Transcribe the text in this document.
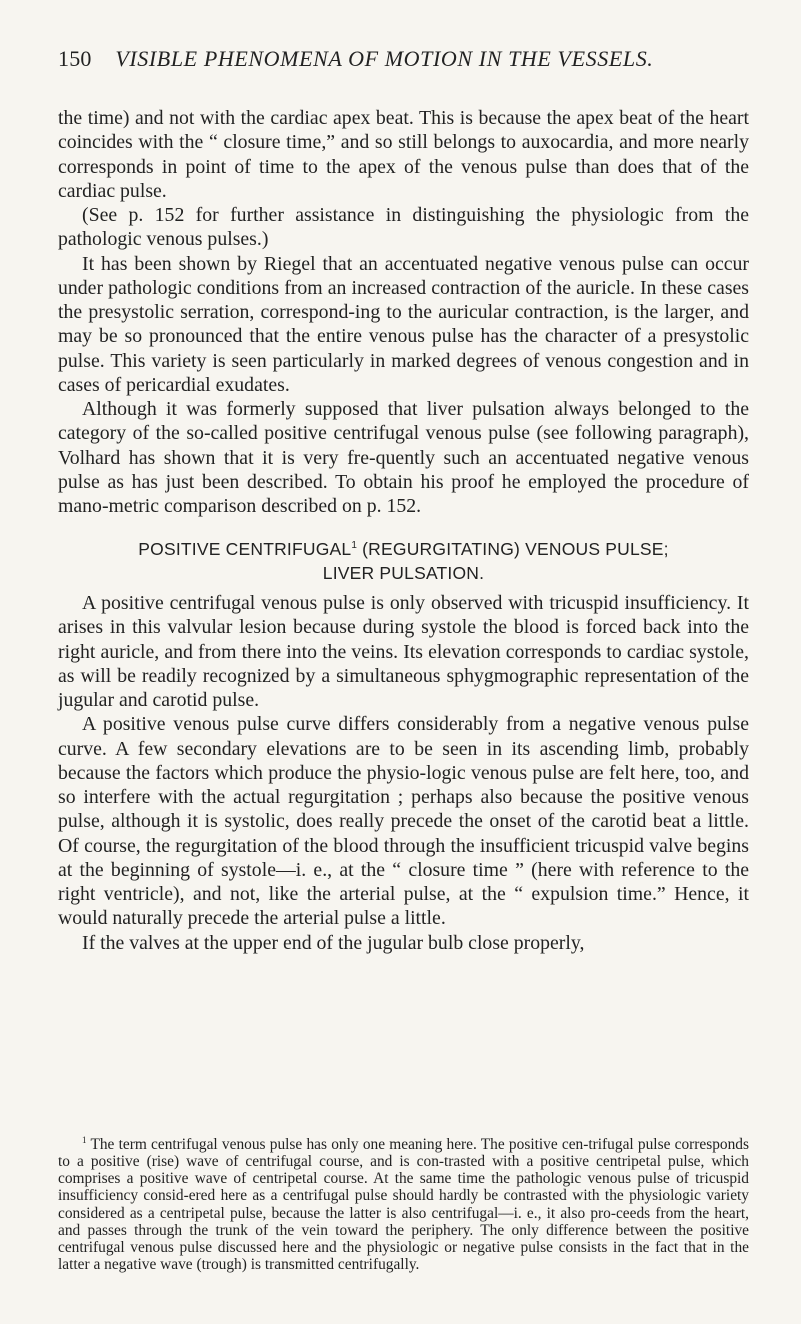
150 VISIBLE PHENOMENA OF MOTION IN THE VESSELS.

the time) and not with the cardiac apex beat. This is because the apex beat of the heart coincides with the “ closure time,” and so still belongs to auxocardia, and more nearly corresponds in point of time to the apex of the venous pulse than does that of the cardiac pulse.

(See p. 152 for further assistance in distinguishing the physiologic from the pathologic venous pulses.)

It has been shown by Riegel that an accentuated negative venous pulse can occur under pathologic conditions from an increased contraction of the auricle. In these cases the presystolic serration, correspond-ing to the auricular contraction, is the larger, and may be so pronounced that the entire venous pulse has the character of a presystolic pulse. This variety is seen particularly in marked degrees of venous congestion and in cases of pericardial exudates.

Although it was formerly supposed that liver pulsation always belonged to the category of the so-called positive centrifugal venous pulse (see following paragraph), Volhard has shown that it is very fre-quently such an accentuated negative venous pulse as has just been described. To obtain his proof he employed the procedure of mano-metric comparison described on p. 152.

POSITIVE CENTRIFUGAL$^1$ (REGURGITATING) VENOUS PULSE;
LIVER PULSATION.

A positive centrifugal venous pulse is only observed with tricuspid insufficiency. It arises in this valvular lesion because during systole the blood is forced back into the right auricle, and from there into the veins. Its elevation corresponds to cardiac systole, as will be readily recognized by a simultaneous sphygmographic representation of the jugular and carotid pulse.

A positive venous pulse curve differs considerably from a negative venous pulse curve. A few secondary elevations are to be seen in its ascending limb, probably because the factors which produce the physio-logic venous pulse are felt here, too, and so interfere with the actual regurgitation ; perhaps also because the positive venous pulse, although it is systolic, does really precede the onset of the carotid beat a little. Of course, the regurgitation of the blood through the insufficient tricuspid valve begins at the beginning of systole—i. e., at the “ closure time ” (here with reference to the right ventricle), and not, like the arterial pulse, at the “ expulsion time.” Hence, it would naturally precede the arterial pulse a little.

If the valves at the upper end of the jugular bulb close properly,

$^1$ The term centrifugal venous pulse has only one meaning here. The positive cen-trifugal pulse corresponds to a positive (rise) wave of centrifugal course, and is con-trasted with a positive centripetal pulse, which comprises a positive wave of centripetal course. At the same time the pathologic venous pulse of tricuspid insufficiency consid-ered here as a centrifugal pulse should hardly be contrasted with the physiologic variety considered as a centripetal pulse, because the latter is also centrifugal—i. e., it also pro-ceeds from the heart, and passes through the trunk of the vein toward the periphery. The only difference between the positive centrifugal venous pulse discussed here and the physiologic or negative pulse consists in the fact that in the latter a negative wave (trough) is transmitted centrifugally.
